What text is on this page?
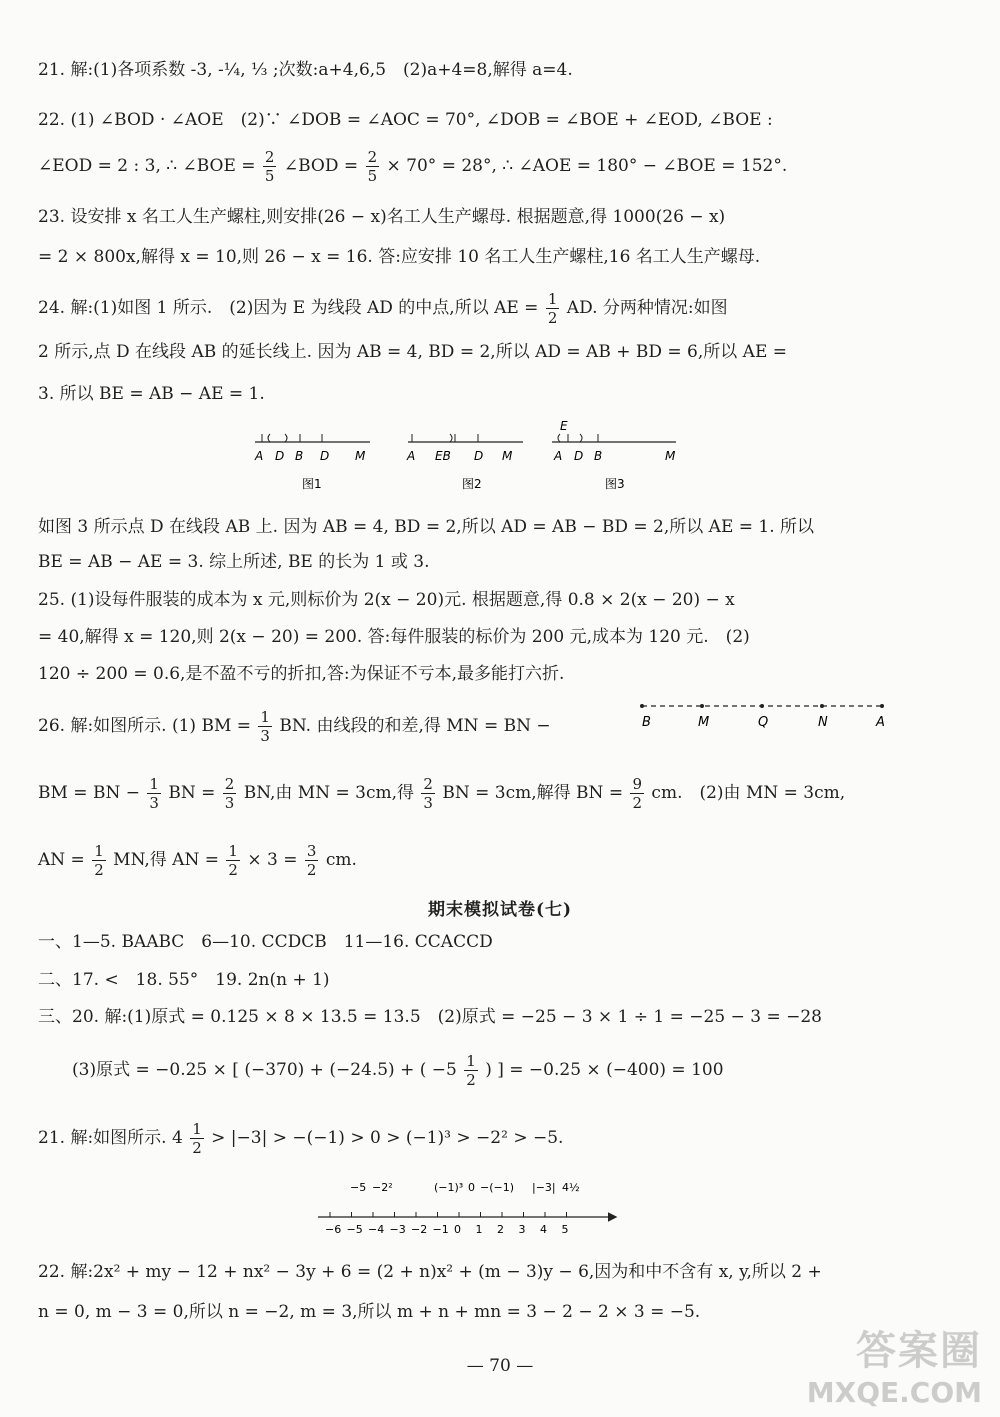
21. 解:(1)各项系数 -3, -¼, ⅓ ;次数:a+4,6,5　(2)a+4=8,解得 a=4.
22. (1) ∠BOD · ∠AOE　(2)∵ ∠DOB = ∠AOC = 70°, ∠DOB = ∠BOE + ∠EOD, ∠BOE :
∠EOD = 2 : 3, ∴ ∠BOE = $\frac{2}{5}$ ∠BOD = $\frac{2}{5} \times 70^\circ = 28^\circ$, ∴ ∠AOE = 180° − ∠BOE = 152°.
23. 设安排 x 名工人生产螺柱,则安排(26 − x)名工人生产螺母. 根据题意,得 1000(26 − x)
= 2 × 800x,解得 x = 10,则 26 − x = 16. 答:应安排 10 名工人生产螺柱,16 名工人生产螺母.
24. 解:(1)如图 1 所示.　(2)因为 E 为线段 AD 的中点,所以 AE = $\frac{1}{2}$ AD. 分两种情况:如图
2 所示,点 D 在线段 AB 的延长线上. 因为 AB = 4, BD = 2,所以 AD = AB + BD = 6,所以 AE =
3. 所以 BE = AB − AE = 1.
A D B D M
图1
A EB D M
图2
E
A D B	M
图3
如图 3 所示点 D 在线段 AB 上. 因为 AB = 4, BD = 2,所以 AD = AB − BD = 2,所以 AE = 1. 所以
BE = AB − AE = 3. 综上所述, BE 的长为 1 或 3.
25. (1)设每件服装的成本为 x 元,则标价为 2(x − 20)元. 根据题意,得 0.8 × 2(x − 20) − x
= 40,解得 x = 120,则 2(x − 20) = 200. 答:每件服装的标价为 200 元,成本为 120 元.　(2)
120 ÷ 200 = 0.6,是不盈不亏的折扣,答:为保证不亏本,最多能打六折.
26. 解:如图所示. (1) BM = $\frac{1}{3}$ BN. 由线段的和差,得 MN = BN −	B	M	Q	N	A
BM = BN − $\frac{1}{3}$ BN = $\frac{2}{3}$ BN,由 MN = 3cm,得 $\frac{2}{3}$ BN = 3cm,解得 BN = $\frac{9}{2}$ cm.　(2)由 MN = 3cm,
AN = $\frac{1}{2}$ MN,得 AN = $\frac{1}{2} \times 3 = \frac{3}{2}$ cm.
期末模拟试卷(七)
一、1—5. BAABC　6—10. CCDCB　11—16. CCACCD
二、17. <　18. 55°　19. 2n(n + 1)
三、20. 解:(1)原式 = 0.125 × 8 × 13.5 = 13.5　(2)原式 = −25 − 3 × 1 ÷ 1 = −25 − 3 = −28
(3)原式 = −0.25 × [ (−370) + (−24.5) + ( $-5 \frac{1}{2}$ ) ] = −0.25 × (−400) = 100
21. 解:如图所示. $4 \frac{1}{2} > |-3| > -(-1) > 0 > (-1)^3 > -2^2 > -5$.
−6 −5 −4 −3 −2 −1 0 1 2 3 4 5
−5 −2²	(−1)³ 0 −(−1) |−3| 4½
22. 解:2x² + my − 12 + nx² − 3y + 6 = (2 + n)x² + (m − 3)y − 6,因为和中不含有 x, y,所以 2 +
n = 0, m − 3 = 0,所以 n = −2, m = 3,所以 m + n + mn = 3 − 2 − 2 × 3 = −5.
— 70 —	答案圈
MXQE.COM
